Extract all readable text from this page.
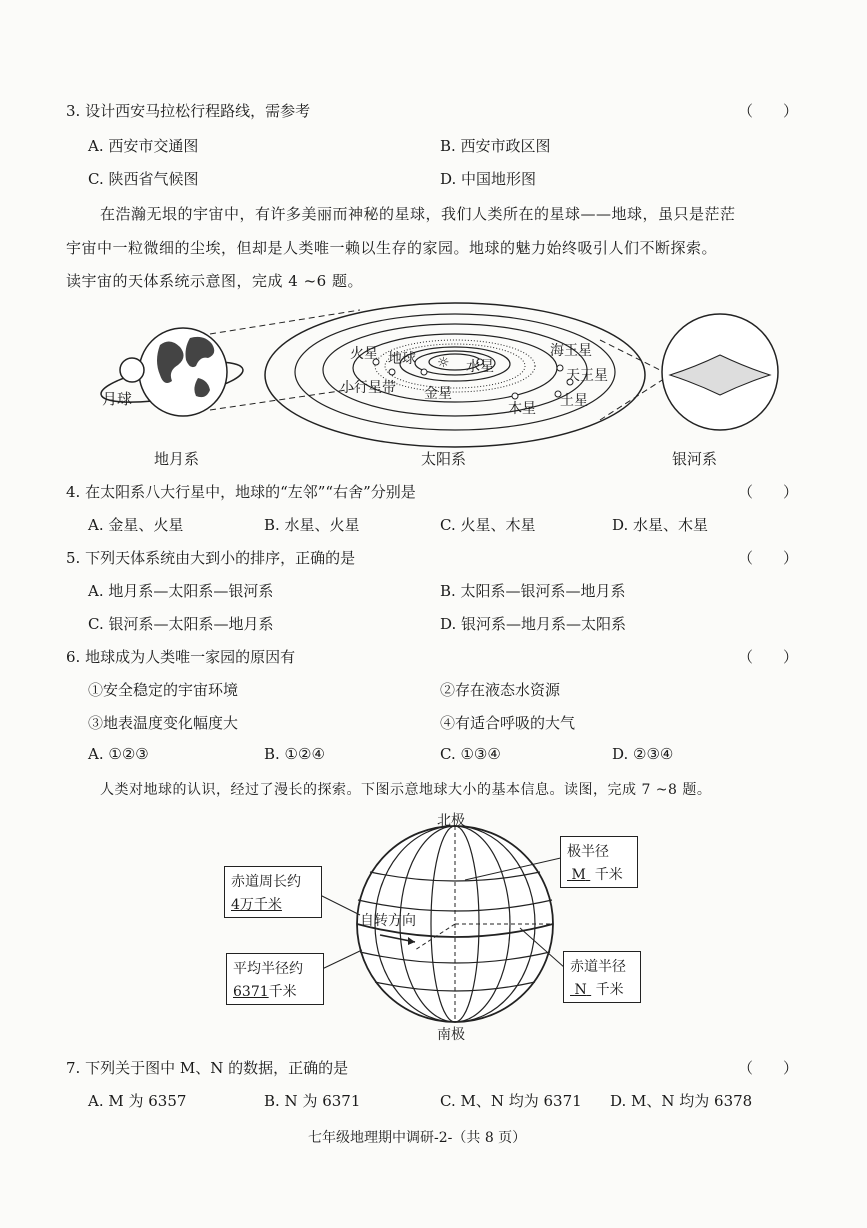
3. 设计西安马拉松行程路线，需参考	（　　）
A. 西安市交通图	B. 西安市政区图
C. 陕西省气候图	D. 中国地形图
在浩瀚无垠的宇宙中，有许多美丽而神秘的星球，我们人类所在的星球——地球，虽只是茫茫
宇宙中一粒微细的尘埃，但却是人类唯一赖以生存的家园。地球的魅力始终吸引人们不断探索。
读宇宙的天体系统示意图，完成 4 ~6 题。
火星 地球 ☼ 水星
金星
小行星带
海王星
天王星
土星
木星
月球
地月系	太阳系	银河系
4. 在太阳系八大行星中，地球的“左邻”“右舍”分别是	（　　）
A. 金星、火星	B. 水星、火星	C. 火星、木星	D. 水星、木星
5. 下列天体系统由大到小的排序，正确的是	（　　）
A. 地月系—太阳系—银河系	B. 太阳系—银河系—地月系
C. 银河系—太阳系—地月系	D. 银河系—地月系—太阳系
6. 地球成为人类唯一家园的原因有	（　　）
①安全稳定的宇宙环境	②存在液态水资源
③地表温度变化幅度大	④有适合呼吸的大气
A. ①②③	B. ①②④	C. ①③④	D. ②③④
人类对地球的认识，经过了漫长的探索。下图示意地球大小的基本信息。读图，完成 7 ~8 题。
北极
南极
自转方向
赤道周长约
4万千米
平均半径约
6371千米
极半径
M 千米
赤道半径
N 千米
7. 下列关于图中 M、N 的数据，正确的是	（　　）
A. M 为 6357	B. N 为 6371	C. M、N 均为 6371 D. M、N 均为 6378
七年级地理期中调研-2-（共 8 页）
